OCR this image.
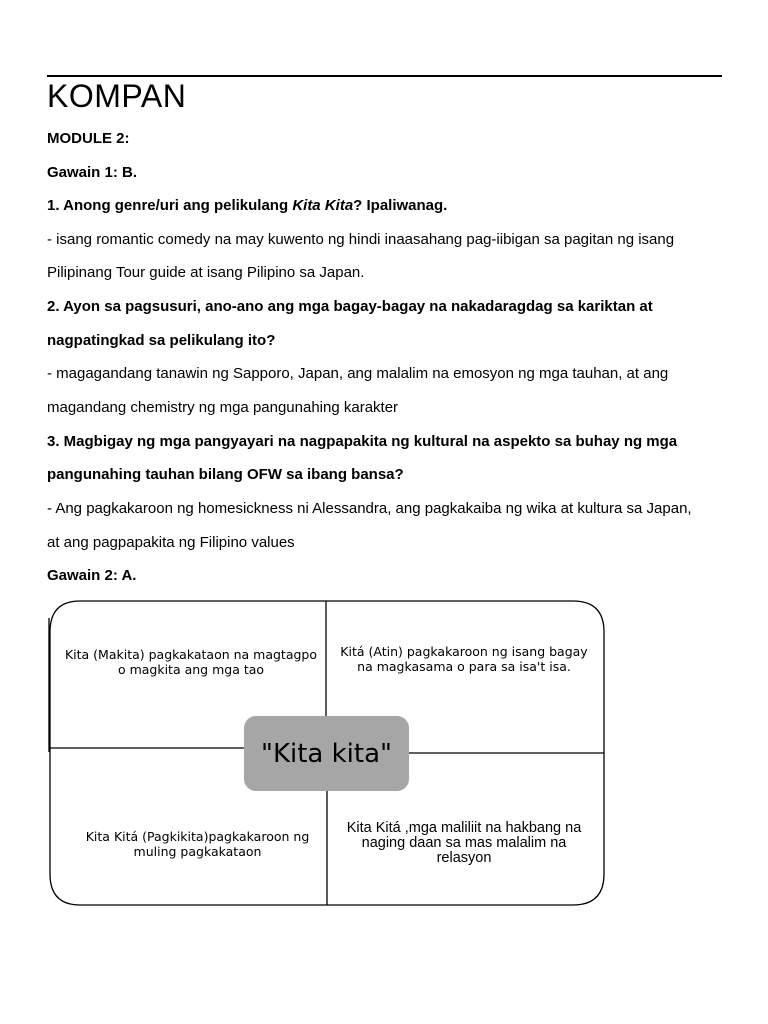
KOMPAN
MODULE 2:
Gawain 1: B.
1. Anong genre/uri ang pelikulang Kita Kita? Ipaliwanag.
- isang romantic comedy na may kuwento ng hindi inaasahang pag-iibigan sa pagitan ng isang
Pilipinang Tour guide at isang Pilipino sa Japan.
2. Ayon sa pagsusuri, ano-ano ang mga bagay-bagay na nakadaragdag sa kariktan at
nagpatingkad sa pelikulang ito?
- magagandang tanawin ng Sapporo, Japan, ang malalim na emosyon ng mga tauhan, at ang
magandang chemistry ng mga pangunahing karakter
3. Magbigay ng mga pangyayari na nagpapakita ng kultural na aspekto sa buhay ng mga
pangunahing tauhan bilang OFW sa ibang bansa?
- Ang pagkakaroon ng homesickness ni Alessandra, ang pagkakaiba ng wika at kultura sa Japan,
at ang pagpapakita ng Filipino values
Gawain 2: A.
"Kita kita"
Kita (Makita) pagkakataon na magtagpo
o magkita ang mga tao
Kitá (Atin) pagkakaroon ng isang bagay
na magkasama o para sa isa't isa.
Kita Kitá (Pagkikita)pagkakaroon ng
muling pagkakataon
Kita Kitá ,mga maliliit na hakbang na
naging daan sa mas malalim na
relasyon
